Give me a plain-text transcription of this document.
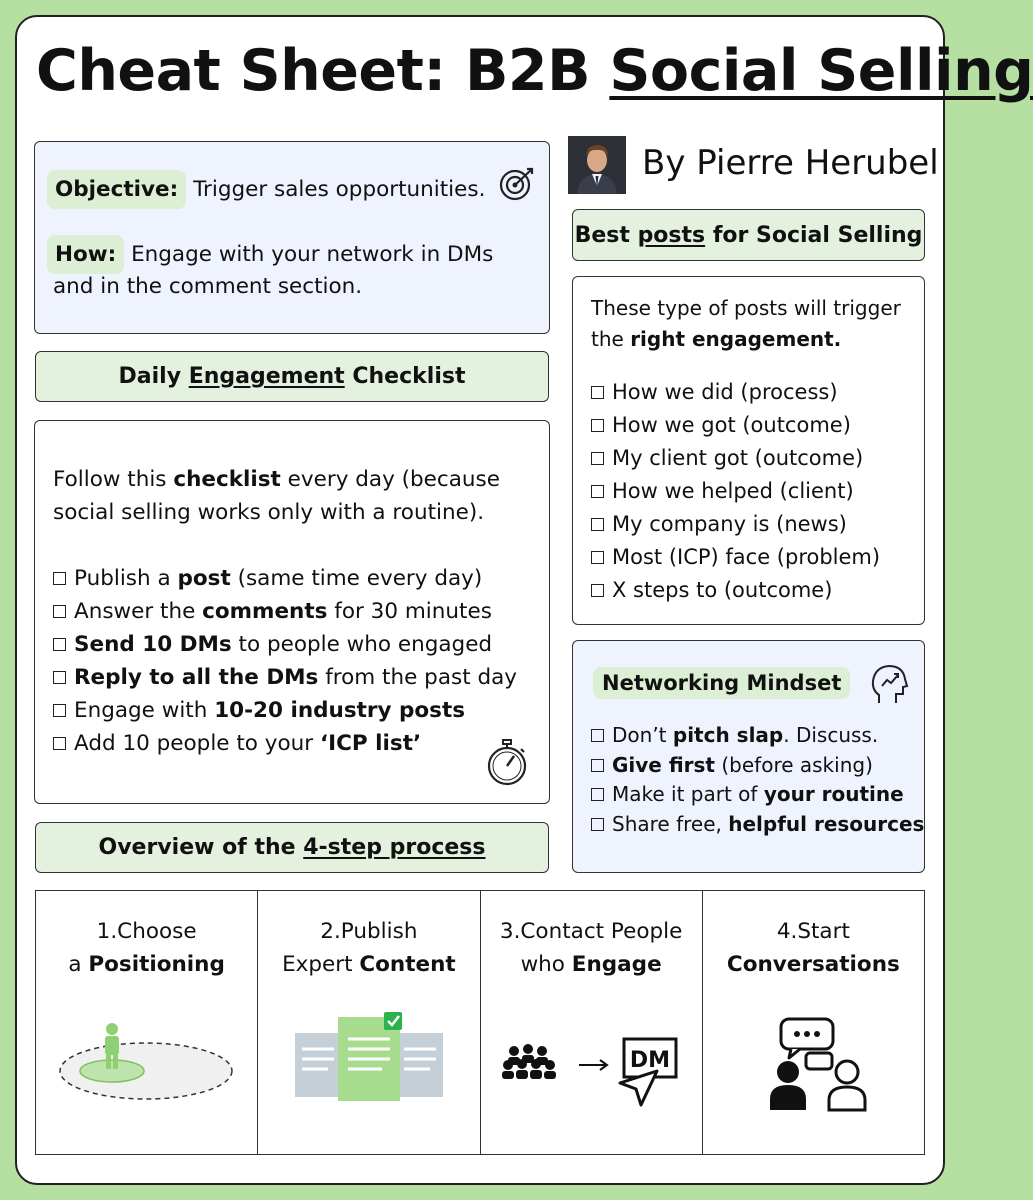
Cheat Sheet: B2B Social Selling
Objective: Trigger sales opportunities.
How: Engage with your network in DMs
and in the comment section.
By Pierre Herubel
Best
posts
for Social Selling
Daily
Engagement
Checklist
Follow this checklist every day (because
social selling works only with a routine).
Publish a post (same time every day)
Answer the comments for 30 minutes
Send 10 DMs to people who engaged
Reply to all the DMs from the past day
Engage with 10-20 industry posts
Add 10 people to your ‘ICP list’
These type of posts will trigger
the right engagement.
How we did (process)
How we got (outcome)
My client got (outcome)
How we helped (client)
My company is (news)
Most (ICP) face (problem)
X steps to (outcome)
Networking Mindset
Don’t pitch slap. Discuss.
Give first (before asking)
Make it part of your routine
Share free, helpful resources
Overview of the
4-step process
1.Choose
a Positioning
2.Publish
Expert Content
3.Contact People
who Engage
DM
4.Start
Conversations
